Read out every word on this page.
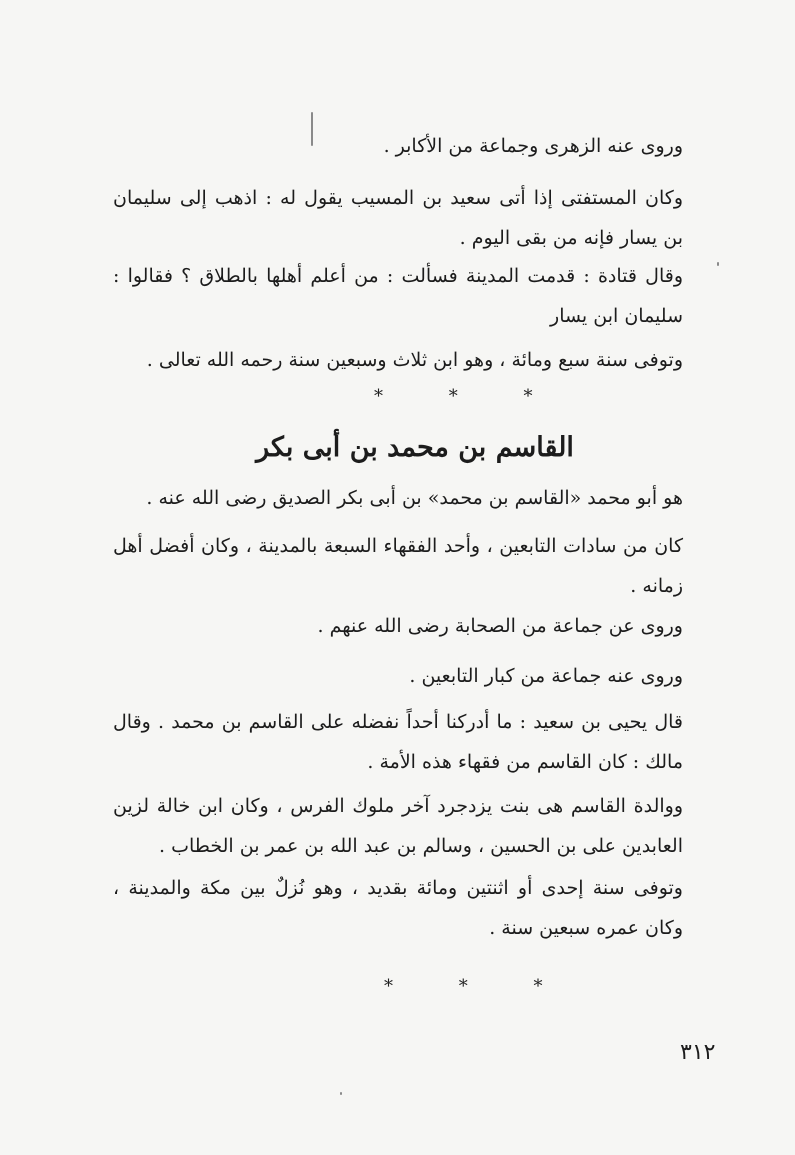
وروى عنه الزهرى وجماعة من الأكابر .

وكان المستفتى إذا أتى سعيد بن المسيب يقول له : اذهب إلى سليمان بن يسار فإنه من بقى اليوم .

وقال قتادة : قدمت المدينة فسألت : من أعلم أهلها بالطلاق ؟ فقالوا : سليمان ابن يسار

وتوفى سنة سبع ومائة ، وهو ابن ثلاث وسبعين سنة رحمه الله تعالى .

* * *
القاسم بن محمد بن أبى بكر

هو أبو محمد «القاسم بن محمد» بن أبى بكر الصديق رضى الله عنه .

كان من سادات التابعين ، وأحد الفقهاء السبعة بالمدينة ، وكان أفضل أهل زمانه .

وروى عن جماعة من الصحابة رضى الله عنهم .

وروى عنه جماعة من كبار التابعين .

قال يحيى بن سعيد : ما أدركنا أحداً نفضله على القاسم بن محمد . وقال مالك : كان القاسم من فقهاء هذه الأمة .

ووالدة القاسم هى بنت يزدجرد آخر ملوك الفرس ، وكان ابن خالة لزين العابدين على بن الحسين ، وسالم بن عبد الله بن عمر بن الخطاب .

وتوفى سنة إحدى أو اثنتين ومائة بقديد ، وهو نُزلٌ بين مكة والمدينة ، وكان عمره سبعين سنة .

* * *

٣١٢
